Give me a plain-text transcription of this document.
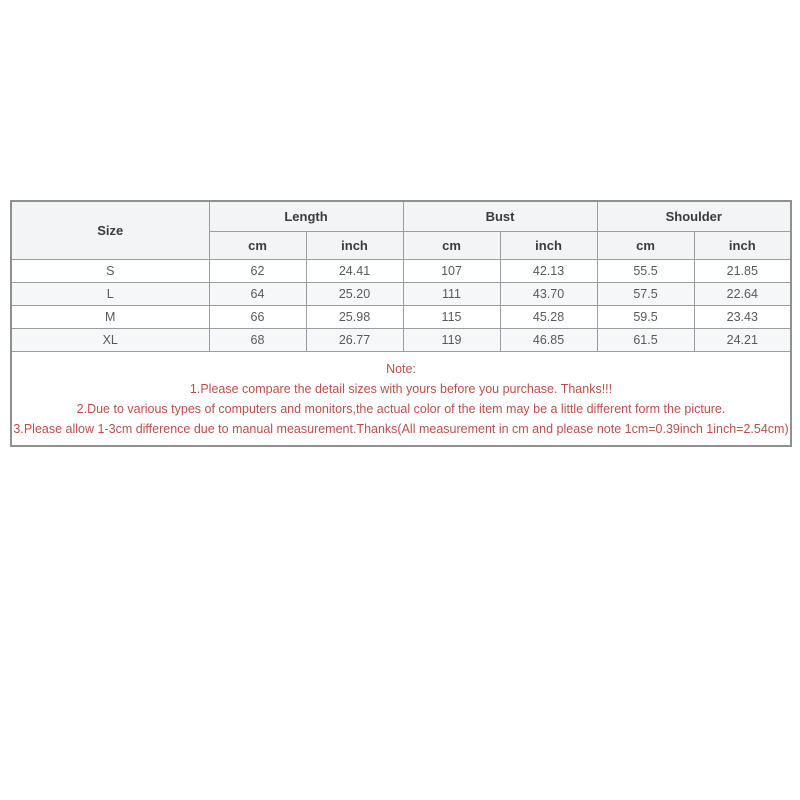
Size	Length		Bust		Shoulder	
	cm	inch	cm	inch	cm	inch
S	62	24.41	107	42.13	55.5	21.85
L	64	25.20	111	43.70	57.5	22.64
M	66	25.98	115	45.28	59.5	23.43
XL	68	26.77	119	46.85	61.5	24.21

Note:
1.Please compare the detail sizes with yours before you purchase. Thanks!!!
2.Due to various types of computers and monitors,the actual color of the item may be a little different form the picture.
3.Please allow 1-3cm difference due to manual measurement.Thanks(All measurement in cm and please note 1cm=0.39inch 1inch=2.54cm)						
